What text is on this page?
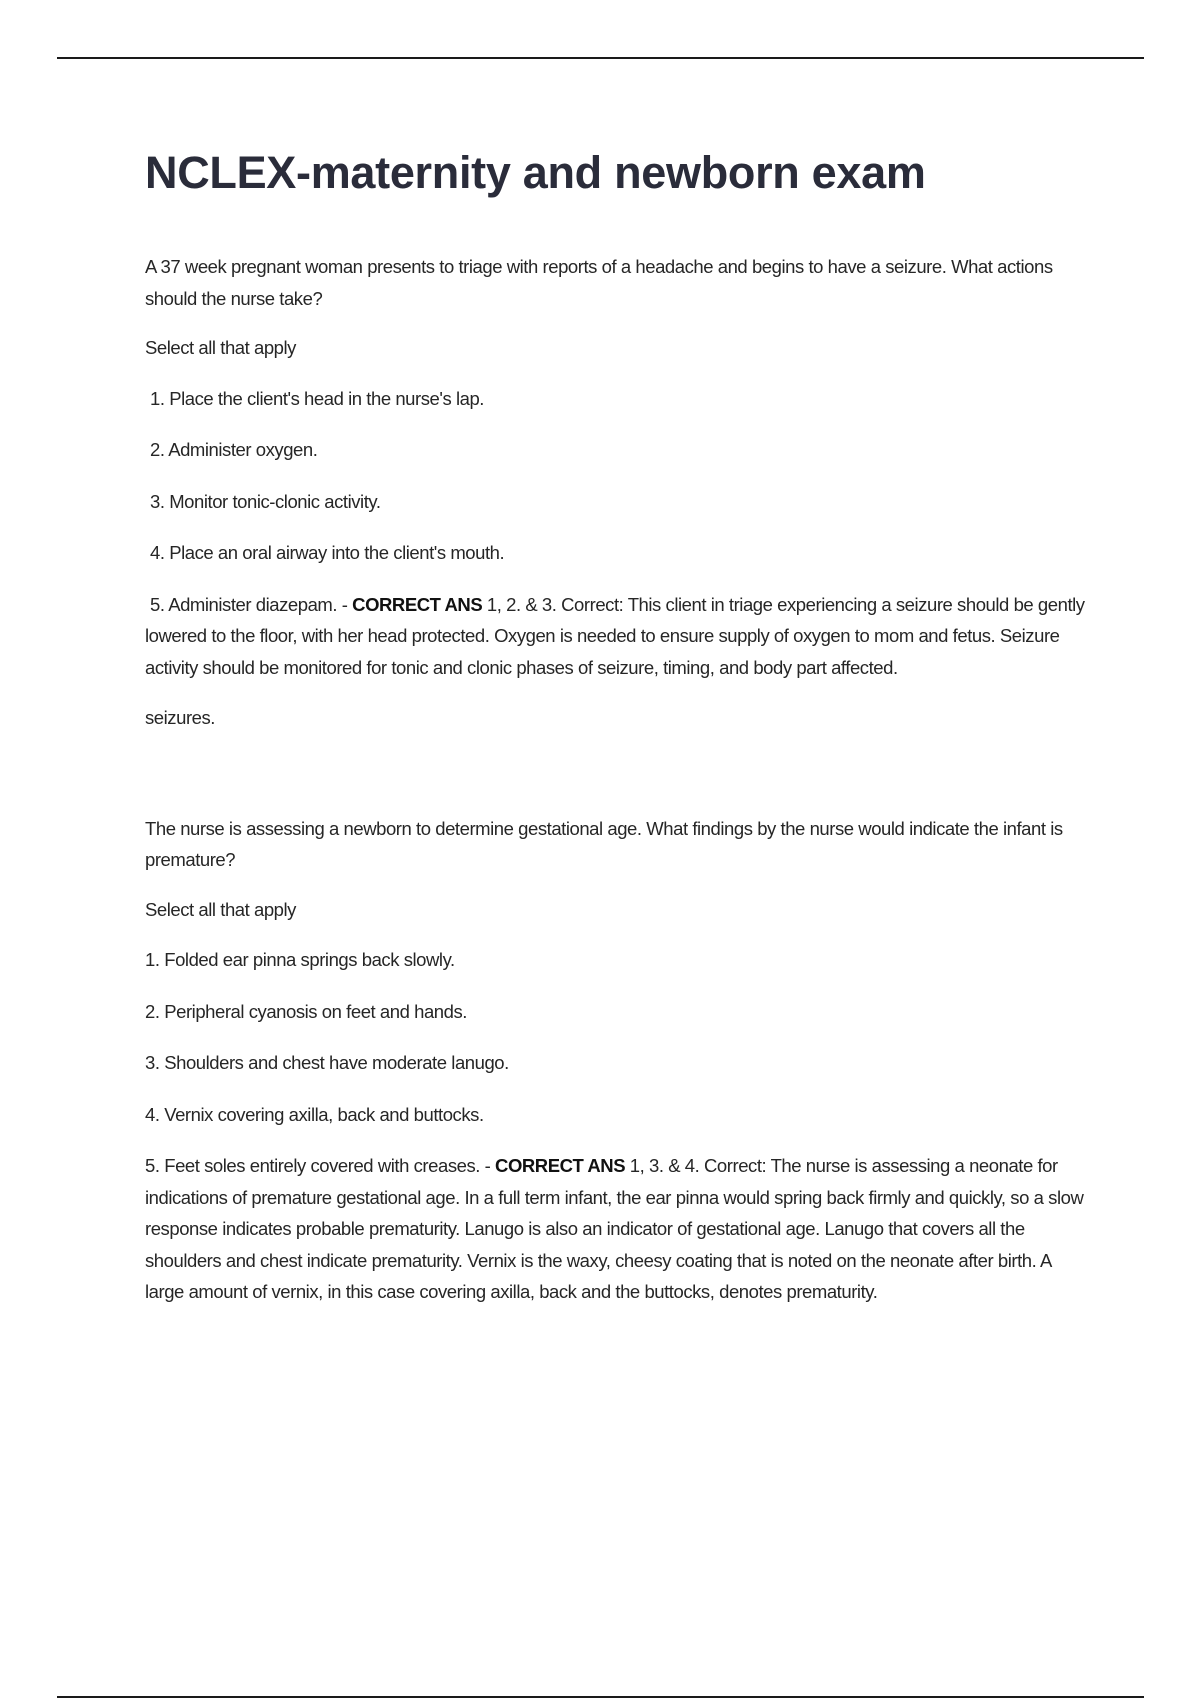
NCLEX-maternity and newborn exam

A 37 week pregnant woman presents to triage with reports of a headache and begins to have a seizure. What actions should the nurse take?

Select all that apply

1. Place the client's head in the nurse's lap.

2. Administer oxygen.

3. Monitor tonic-clonic activity.

4. Place an oral airway into the client's mouth.

5. Administer diazepam. - CORRECT ANS 1, 2. & 3. Correct: This client in triage experiencing a seizure should be gently lowered to the floor, with her head protected. Oxygen is needed to ensure supply of oxygen to mom and fetus. Seizure activity should be monitored for tonic and clonic phases of seizure, timing, and body part affected.

seizures.

The nurse is assessing a newborn to determine gestational age. What findings by the nurse would indicate the infant is premature?

Select all that apply

1. Folded ear pinna springs back slowly.

2. Peripheral cyanosis on feet and hands.

3. Shoulders and chest have moderate lanugo.

4. Vernix covering axilla, back and buttocks.

5. Feet soles entirely covered with creases. - CORRECT ANS 1, 3. & 4. Correct: The nurse is assessing a neonate for indications of premature gestational age. In a full term infant, the ear pinna would spring back firmly and quickly, so a slow response indicates probable prematurity. Lanugo is also an indicator of gestational age. Lanugo that covers all the shoulders and chest indicate prematurity. Vernix is the waxy, cheesy coating that is noted on the neonate after birth. A large amount of vernix, in this case covering axilla, back and the buttocks, denotes prematurity.
